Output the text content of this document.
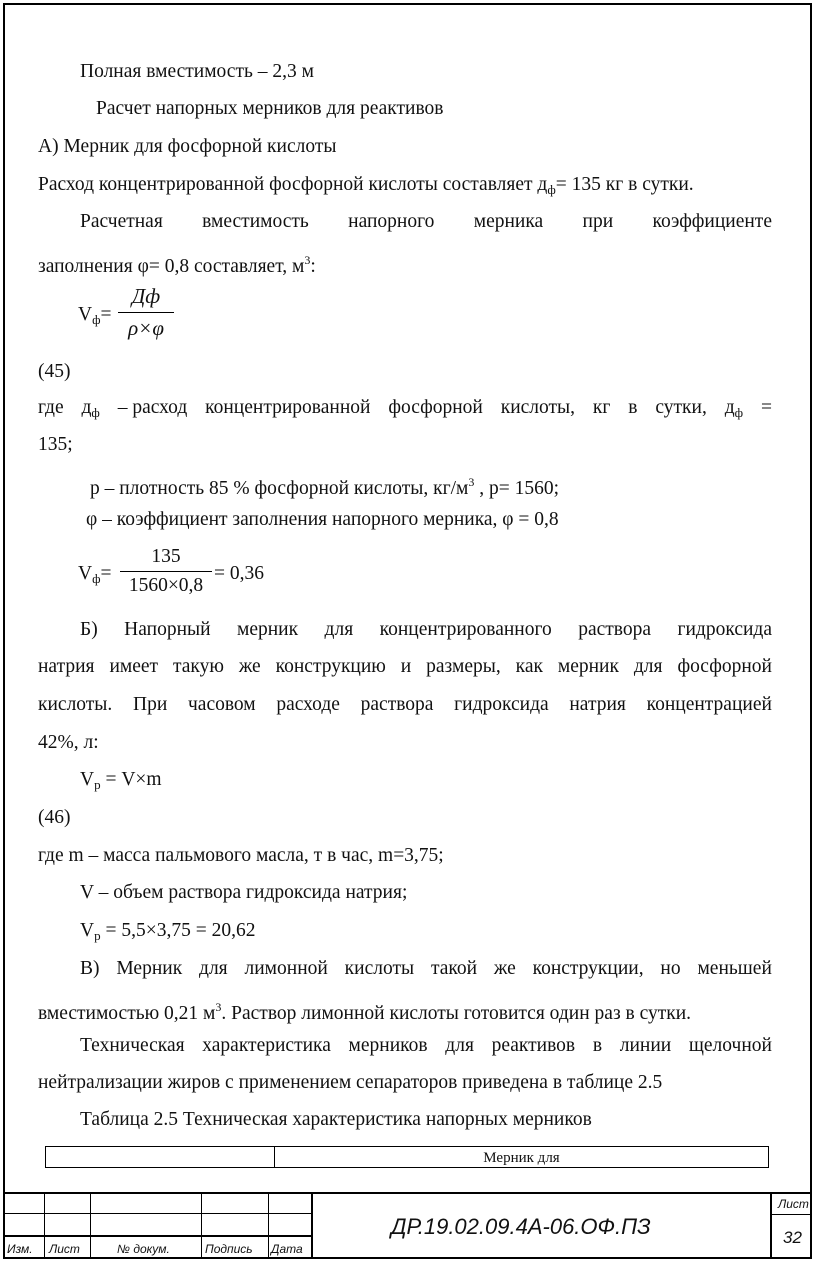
Полная вместимость – 2,3 м
Расчет напорных мерников для реактивов
А) Мерник для фосфорной кислоты
Расход концентрированной фосфорной кислоты составляет $д_ф= 135$ кг в сутки.
Расчетная вместимость напорного мерника при коэффициенте
заполнения φ= 0,8 составляет, $м^3$:
$V_ф=$
Дф
ρ×φ
(45)
где $д_ф$ – расход концентрированной фосфорной кислоты, кг в сутки, $д_ф$ =
135;
p – плотность 85 % фосфорной кислоты, $кг/м^3$ , p= 1560;
φ – коэффициент заполнения напорного мерника, φ = 0,8
$V_ф= \frac{135}{1560\times 0,8} = 0,36$
Б) Напорный мерник для концентрированного раствора гидроксида
натрия имеет такую же конструкцию и размеры, как мерник для фосфорной
кислоты. При часовом расходе раствора гидроксида натрия концентрацией
42%, л:
$V_р = V\times m$
(46)
где m – масса пальмового масла, т в час, m=3,75;
V – объем раствора гидроксида натрия;
$V_р = 5,5\times 3,75 = 20,62$
В) Мерник для лимонной кислоты такой же конструкции, но меньшей
вместимостью 0,21 $м^3$. Раствор лимонной кислоты готовится один раз в сутки.
Техническая характеристика мерников для реактивов в линии щелочной
нейтрализации жиров с применением сепараторов приведена в таблице 2.5
Таблица 2.5 Техническая характеристика напорных мерников
Мерник для
Изм. Лист	№ докум.	Подпись Дата
ДР.19.02.09.4А-06.ОФ.ПЗ
Лист
32
